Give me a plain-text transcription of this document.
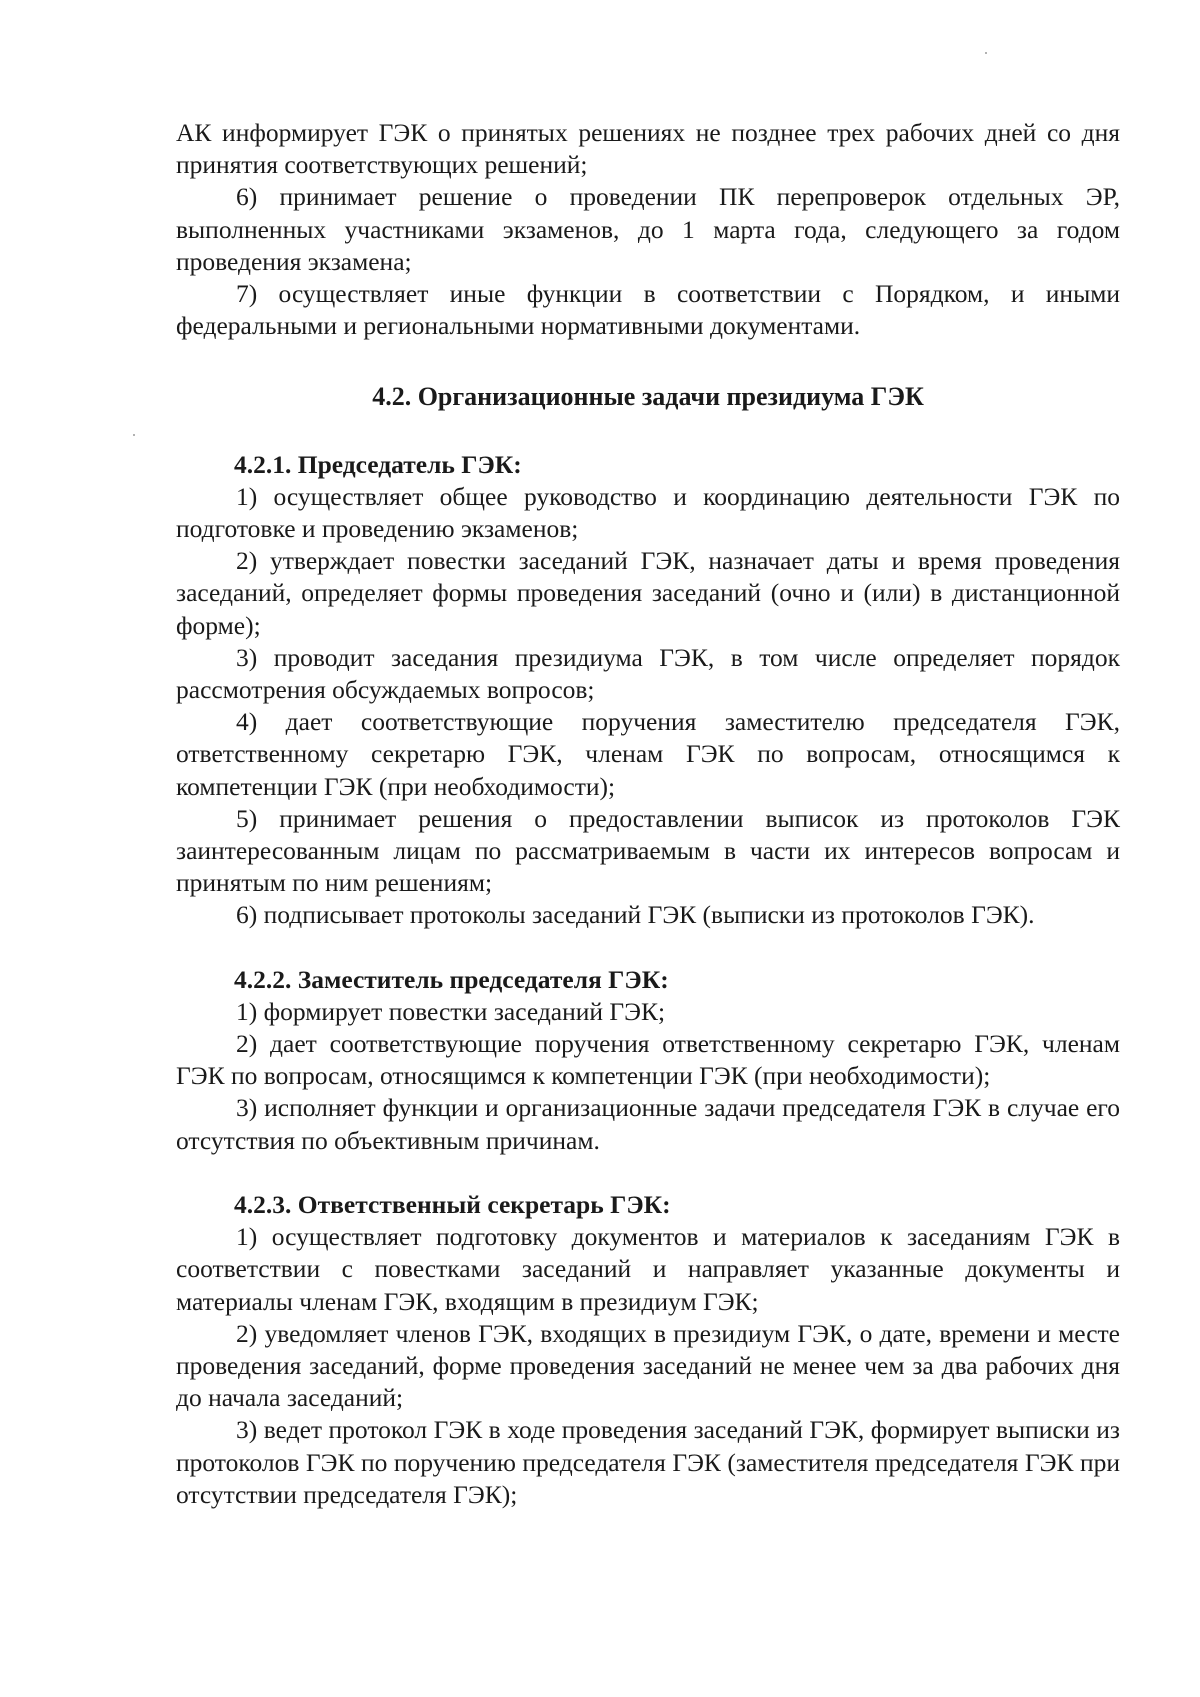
АК информирует ГЭК о принятых решениях не позднее трех рабочих дней со дня принятия соответствующих решений;

6) принимает решение о проведении ПК перепроверок отдельных ЭР, выполненных участниками экзаменов, до 1 марта года, следующего за годом проведения экзамена;

7) осуществляет иные функции в соответствии с Порядком, и иными федеральными и региональными нормативными документами.

4.2. Организационные задачи президиума ГЭК

4.2.1. Председатель ГЭК:

1) осуществляет общее руководство и координацию деятельности ГЭК по подготовке и проведению экзаменов;

2) утверждает повестки заседаний ГЭК, назначает даты и время проведения заседаний, определяет формы проведения заседаний (очно и (или) в дистанционной форме);

3) проводит заседания президиума ГЭК, в том числе определяет порядок рассмотрения обсуждаемых вопросов;

4) дает соответствующие поручения заместителю председателя ГЭК, ответственному секретарю ГЭК, членам ГЭК по вопросам, относящимся к компетенции ГЭК (при необходимости);

5) принимает решения о предоставлении выписок из протоколов ГЭК заинтересованным лицам по рассматриваемым в части их интересов вопросам и принятым по ним решениям;

6) подписывает протоколы заседаний ГЭК (выписки из протоколов ГЭК).

4.2.2. Заместитель председателя ГЭК:

1) формирует повестки заседаний ГЭК;

2) дает соответствующие поручения ответственному секретарю ГЭК, членам ГЭК по вопросам, относящимся к компетенции ГЭК (при необходимости);

3) исполняет функции и организационные задачи председателя ГЭК в случае его отсутствия по объективным причинам.

4.2.3. Ответственный секретарь ГЭК:

1) осуществляет подготовку документов и материалов к заседаниям ГЭК в соответствии с повестками заседаний и направляет указанные документы и материалы членам ГЭК, входящим в президиум ГЭК;

2) уведомляет членов ГЭК, входящих в президиум ГЭК, о дате, времени и месте проведения заседаний, форме проведения заседаний не менее чем за два рабочих дня до начала заседаний;

3) ведет протокол ГЭК в ходе проведения заседаний ГЭК, формирует выписки из протоколов ГЭК по поручению председателя ГЭК (заместителя председателя ГЭК при отсутствии председателя ГЭК);
